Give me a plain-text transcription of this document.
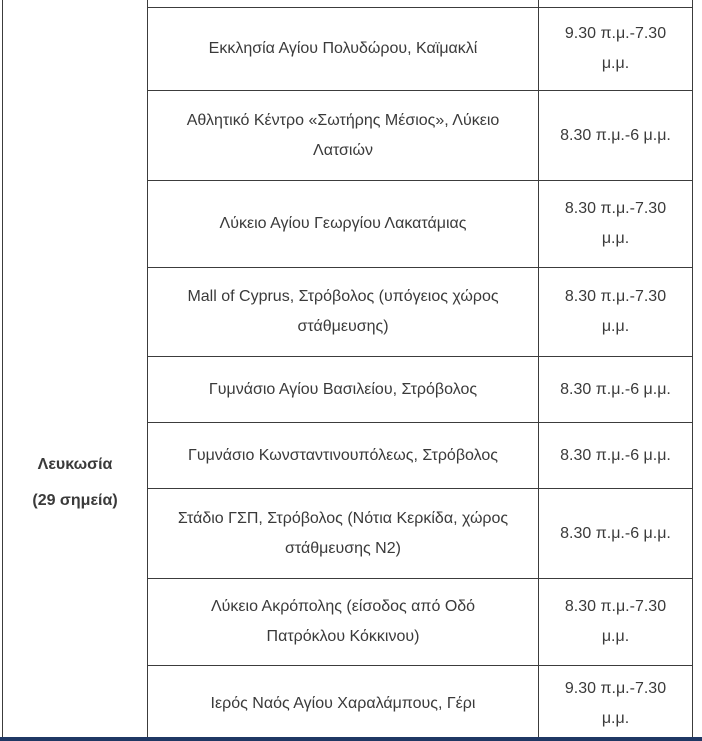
Λευκωσία
(29 σημεία)
Εκκλησία Αγίου Πολυδώρου, Καϊμακλί
9.30 π.μ.-7.30 μ.μ.
Αθλητικό Κέντρο «Σωτήρης Μέσιος», Λύκειο Λατσιών
8.30 π.μ.-6 μ.μ.
Λύκειο Αγίου Γεωργίου Λακατάμιας
8.30 π.μ.-7.30 μ.μ.
Mall of Cyprus, Στρόβολος (υπόγειος χώρος στάθμευσης)
8.30 π.μ.-7.30 μ.μ.
Γυμνάσιο Αγίου Βασιλείου, Στρόβολος	8.30 π.μ.-6 μ.μ.
Γυμνάσιο Κωνσταντινουπόλεως, Στρόβολος	8.30 π.μ.-6 μ.μ.
Στάδιο ΓΣΠ, Στρόβολος (Νότια Κερκίδα, χώρος στάθμευσης Ν2)
8.30 π.μ.-6 μ.μ.
Λύκειο Ακρόπολης (είσοδος από Οδό Πατρόκλου Κόκκινου)
8.30 π.μ.-7.30 μ.μ.
Ιερός Ναός Αγίου Χαραλάμπους, Γέρι
9.30 π.μ.-7.30 μ.μ.
